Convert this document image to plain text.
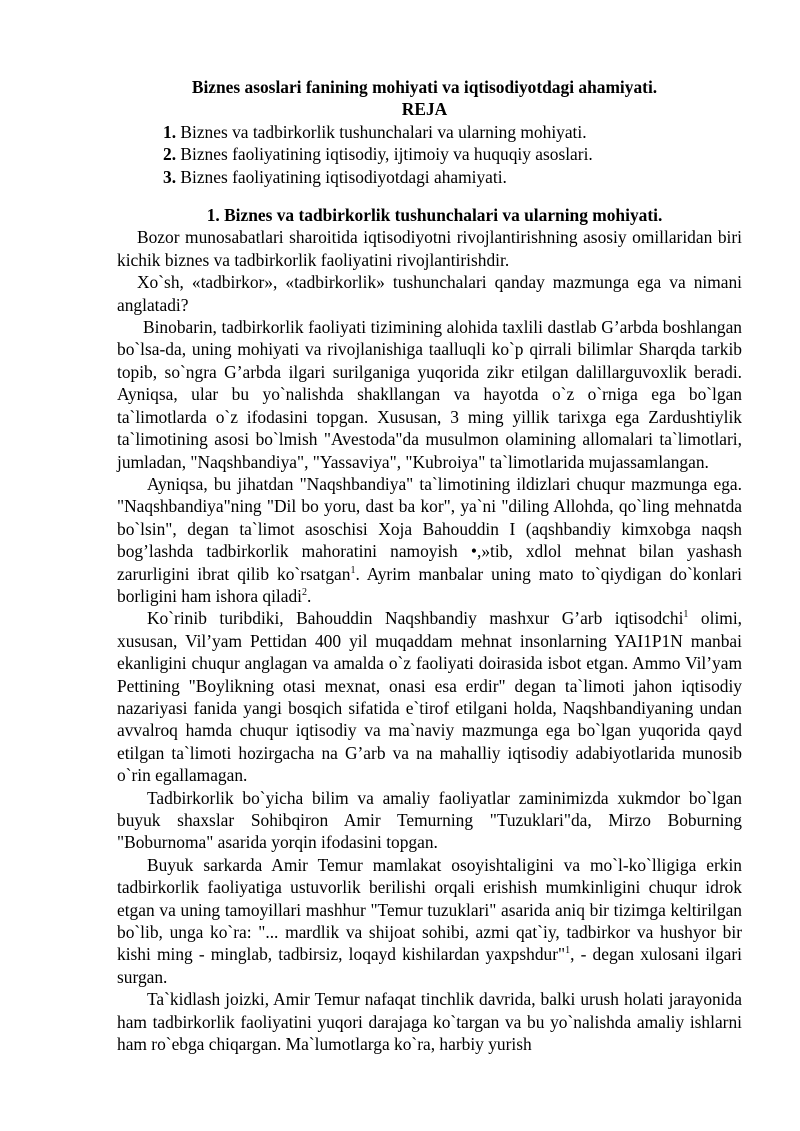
Biznes asoslari fanining mohiyati va iqtisodiyotdagi ahamiyati.
REJA
1. Biznes va tadbirkorlik tushunchalari va ularning mohiyati.
2. Biznes faoliyatining iqtisodiy, ijtimoiy va huquqiy asoslari.
3. Biznes faoliyatining iqtisodiyotdagi ahamiyati.
1. Biznes va tadbirkorlik tushunchalari va ularning mohiyati.

Bozor munosabatlari sharoitida iqtisodiyotni rivojlantirishning asosiy omillaridan biri kichik biznes va tadbirkorlik faoliyatini rivojlantirishdir.

Xo`sh, «tadbirkor», «tadbirkorlik» tushunchalari qanday mazmunga ega va nimani anglatadi?

Binobarin, tadbirkorlik faoliyati tizimining alohida taxlili dastlab G’arbda boshlangan bo`lsa-da, uning mohiyati va rivojlanishiga taalluqli ko`p qirrali bilimlar Sharqda tarkib topib, so`ngra G’arbda ilgari surilganiga yuqorida zikr etilgan dalillarguvoxlik beradi. Ayniqsa, ular bu yo`nalishda shakllangan va hayotda o`z o`rniga ega bo`lgan ta`limotlarda o`z ifodasini topgan. Xususan, 3 ming yillik tarixga ega Zardushtiylik ta`limotining asosi bo`lmish "Avestoda"da musulmon olamining allomalari ta`limotlari, jumladan, "Naqshbandiya", "Yassaviya", "Kubroiya" ta`limotlarida mujassamlangan.

Ayniqsa, bu jihatdan "Naqshbandiya" ta`limotining ildizlari chuqur mazmunga ega. "Naqshbandiya"ning "Dil bo yoru, dast ba kor", ya`ni "diling Allohda, qo`ling mehnatda bo`lsin", degan ta`limot asoschisi Xoja Bahouddin I (aqshbandiy kimxobga naqsh bog’lashda tadbirkorlik mahoratini namoyish •,»tib, xdlol mehnat bilan yashash zarurligini ibrat qilib ko`rsatgan$^1$. Ayrim manbalar uning mato to`qiydigan do`konlari borligini ham ishora qiladi$^2$.

Ko`rinib turibdiki, Bahouddin Naqshbandiy mashxur G’arb iqtisodchi$^1$ olimi, xususan, Vil’yam Pettidan 400 yil muqaddam mehnat insonlarning YAI1P1N manbai ekanligini chuqur anglagan va amalda o`z faoliyati doirasida isbot etgan. Ammo Vil’yam Pettining "Boylikning otasi mexnat, onasi esa erdir" degan ta`limoti jahon iqtisodiy nazariyasi fanida yangi bosqich sifatida e`tirof etilgani holda, Naqshbandiyaning undan avvalroq hamda chuqur iqtisodiy va ma`naviy mazmunga ega bo`lgan yuqorida qayd etilgan ta`limoti hozirgacha na G’arb va na mahalliy iqtisodiy adabiyotlarida munosib o`rin egallamagan.

Tadbirkorlik bo`yicha bilim va amaliy faoliyatlar zaminimizda xukmdor bo`lgan buyuk shaxslar Sohibqiron Amir Temurning "Tuzuklari"da, Mirzo Boburning "Boburnoma" asarida yorqin ifodasini topgan.

Buyuk sarkarda Amir Temur mamlakat osoyishtaligini va mo`l-ko`lligiga erkin tadbirkorlik faoliyatiga ustuvorlik berilishi orqali erishish mumkinligini chuqur idrok etgan va uning tamoyillari mashhur "Temur tuzuklari" asarida aniq bir tizimga keltirilgan bo`lib, unga ko`ra: "... mardlik va shijoat sohibi, azmi qat`iy, tadbirkor va hushyor bir kishi ming - minglab, tadbirsiz, loqayd kishilardan yaxpshdur"$^1$, - degan xulosani ilgari surgan.

Ta`kidlash joizki, Amir Temur nafaqat tinchlik davrida, balki urush holati jarayonida ham tadbirkorlik faoliyatini yuqori darajaga ko`targan va bu yo`nalishda amaliy ishlarni ham ro`ebga chiqargan. Ma`lumotlarga ko`ra, harbiy yurish
